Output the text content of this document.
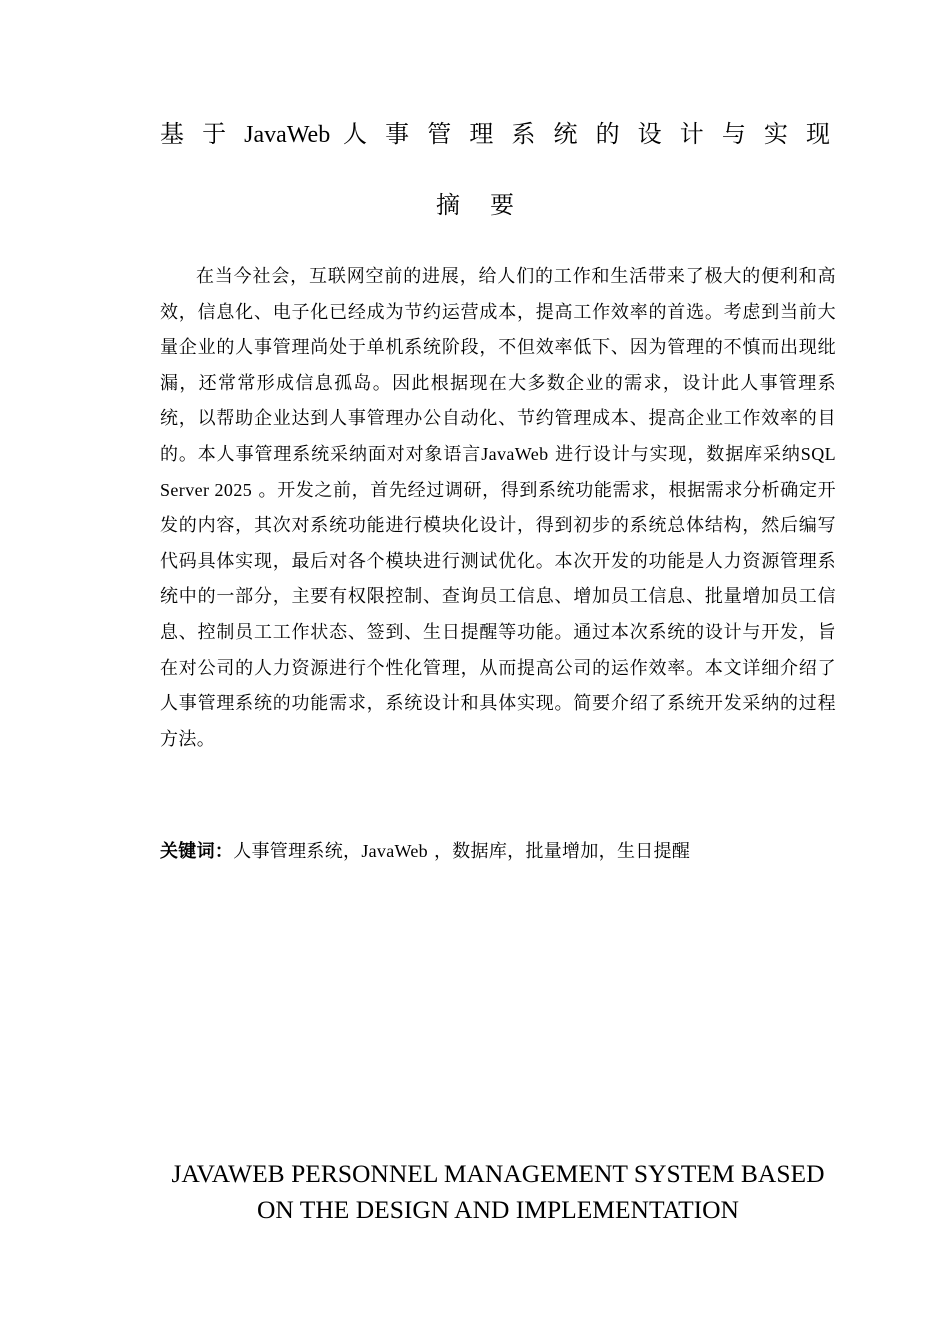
基 于 JavaWeb 人 事 管 理 系 统 的 设 计 与 实 现
摘要
在当今社会，互联网空前的进展，给人们的工作和生活带来了极大的便利和高效，信息化、电子化已经成为节约运营成本，提高工作效率的首选。考虑到当前大量企业的人事管理尚处于单机系统阶段，不但效率低下、因为管理的不慎而出现纰漏，还常常形成信息孤岛。因此根据现在大多数企业的需求，设计此人事管理系统，以帮助企业达到人事管理办公自动化、节约管理成本、提高企业工作效率的目的。本人事管理系统采纳面对对象语言JavaWeb 进行设计与实现，数据库采纳SQL Server 2025 。开发之前，首先经过调研，得到系统功能需求，根据需求分析确定开发的内容，其次对系统功能进行模块化设计，得到初步的系统总体结构，然后编写代码具体实现，最后对各个模块进行测试优化。本次开发的功能是人力资源管理系统中的一部分，主要有权限控制、查询员工信息、增加员工信息、批量增加员工信息、控制员工工作状态、签到、生日提醒等功能。通过本次系统的设计与开发，旨在对公司的人力资源进行个性化管理，从而提高公司的运作效率。本文详细介绍了人事管理系统的功能需求，系统设计和具体实现。简要介绍了系统开发采纳的过程方法。
关键词：人事管理系统，JavaWeb ，数据库，批量增加，生日提醒
JAVAWEB PERSONNEL MANAGEMENT SYSTEM BASED
ON THE DESIGN AND IMPLEMENTATION
